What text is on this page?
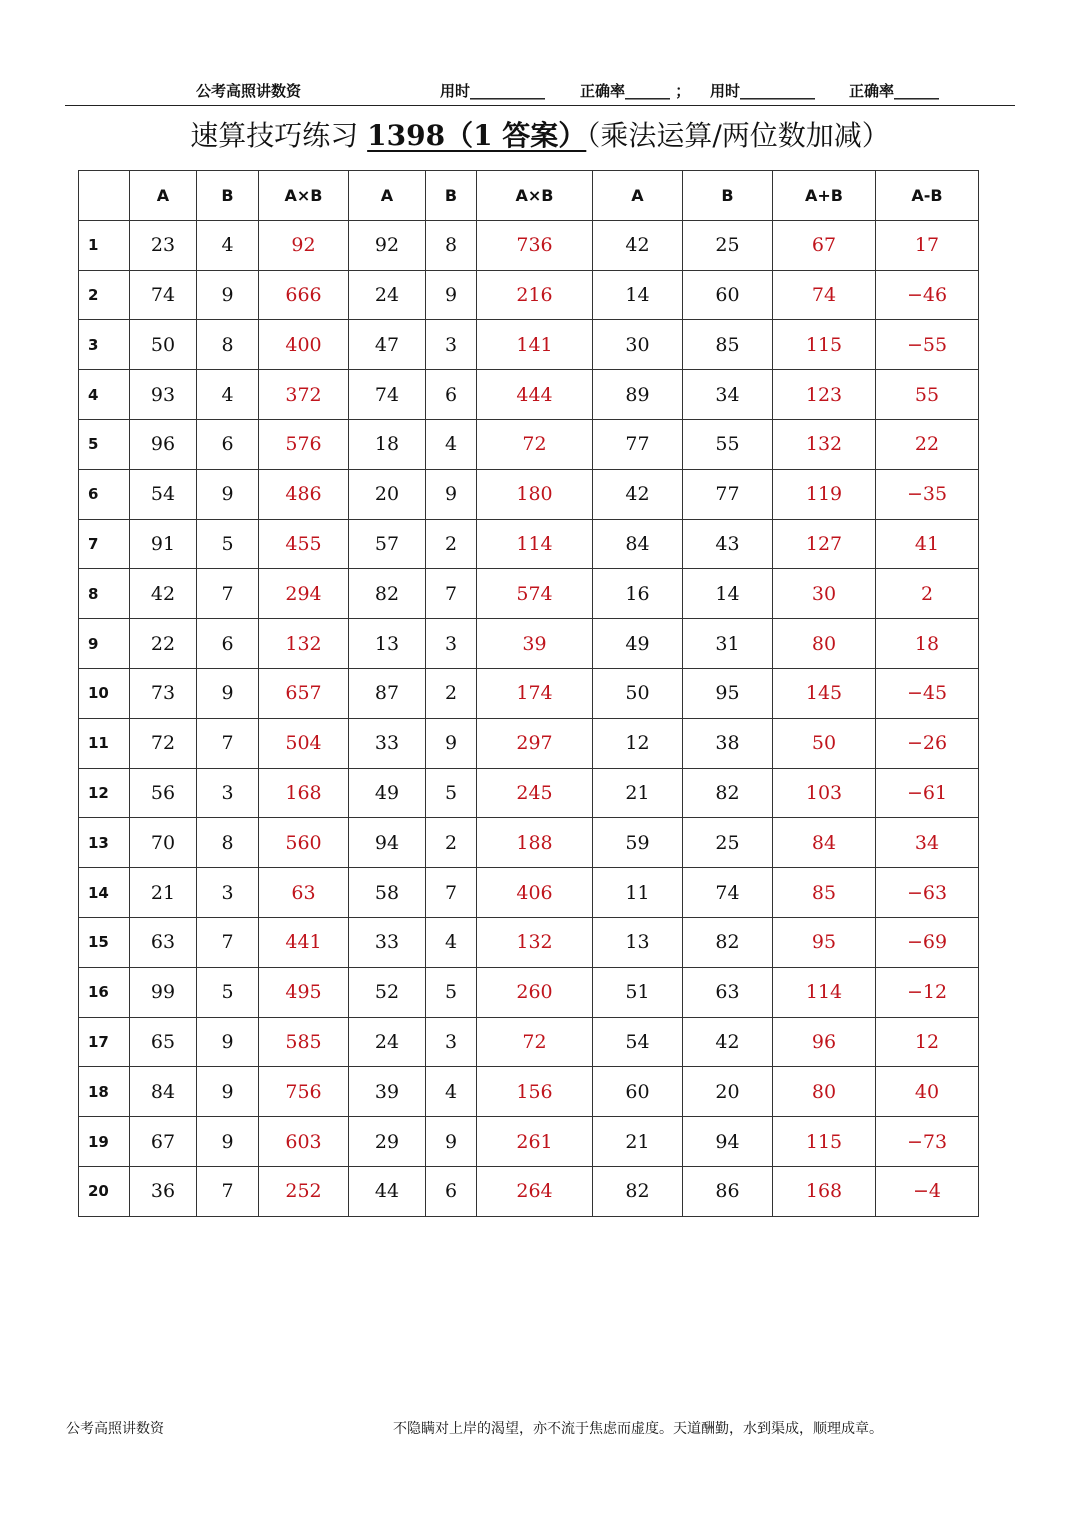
公考高照讲数资	用时__________ 正确率______ ； 用时__________ 正确率______
速算技巧练习 1398（1 答案）（乘法运算/两位数加减）
	A	B	A×B	A	B	A×B	A	B	A+B	A-B
1	23	4	92	92	8	736	42	25	67	17
2	74	9	666	24	9	216	14	60	74	−46
3	50	8	400	47	3	141	30	85	115	−55
4	93	4	372	74	6	444	89	34	123	55
5	96	6	576	18	4	72	77	55	132	22
6	54	9	486	20	9	180	42	77	119	−35
7	91	5	455	57	2	114	84	43	127	41
8	42	7	294	82	7	574	16	14	30	2
9	22	6	132	13	3	39	49	31	80	18
10	73	9	657	87	2	174	50	95	145	−45
11	72	7	504	33	9	297	12	38	50	−26
12	56	3	168	49	5	245	21	82	103	−61
13	70	8	560	94	2	188	59	25	84	34
14	21	3	63	58	7	406	11	74	85	−63
15	63	7	441	33	4	132	13	82	95	−69
16	99	5	495	52	5	260	51	63	114	−12
17	65	9	585	24	3	72	54	42	96	12
18	84	9	756	39	4	156	60	20	80	40
19	67	9	603	29	9	261	21	94	115	−73
20	36	7	252	44	6	264	82	86	168	−4
公考高照讲数资	不隐瞒对上岸的渴望，亦不流于焦虑而虚度。天道酬勤，水到渠成，顺理成章。
